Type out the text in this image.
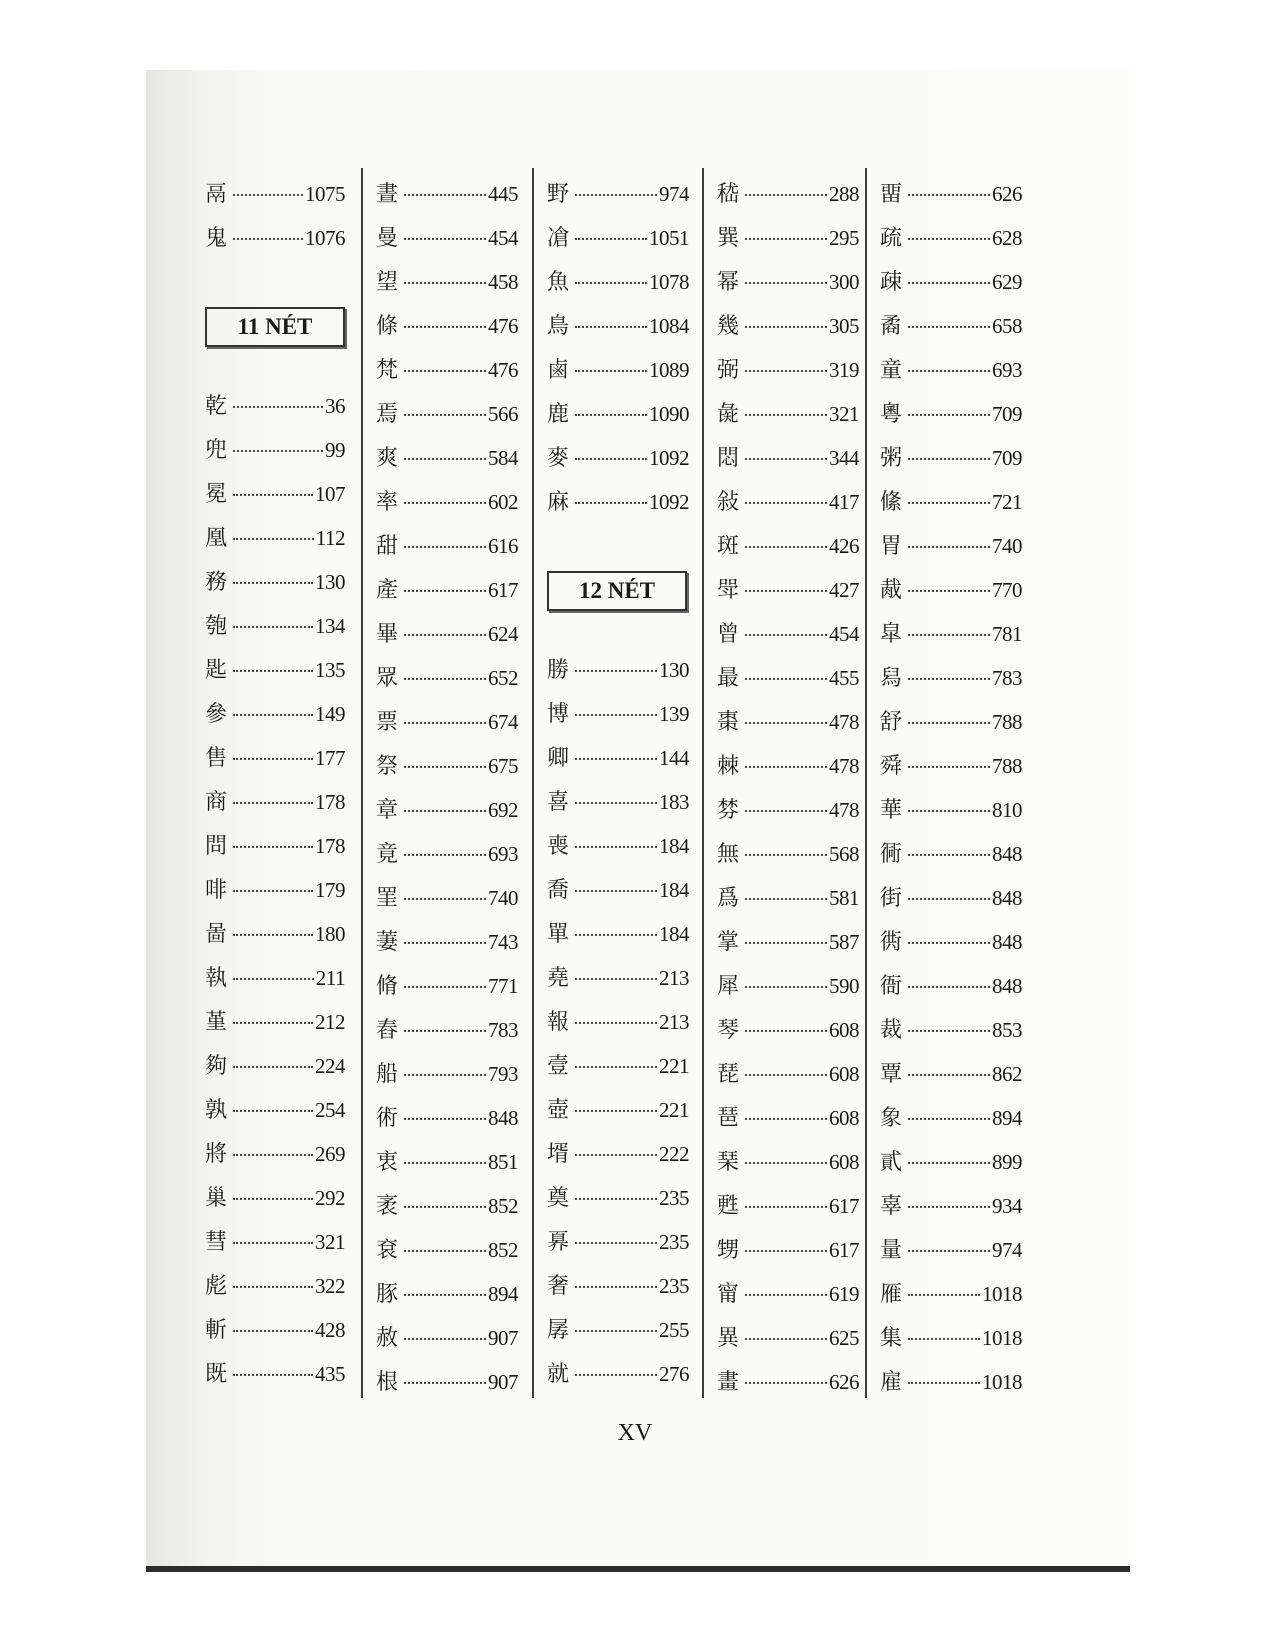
鬲	1075
鬼	1076
11 NÉT
乾	36
兜	99
冕	107
凰	112
務	130
匏	134
匙	135
參	149
售	177
商	178
問	178
啡	179
啚	180
執	211
堇	212
夠	224
孰	254
將	269
巢	292
彗	321
彪	322
斬	428
既	435
晝	445
曼	454
望	458
條	476
梵	476
焉	566
爽	584
率	602
甜	616
產	617
畢	624
眾	652
票	674
祭	675
章	692
竟	693
罣	740
萋	743
脩	771
舂	783
船	793
術	848
衷	851
袤	852
袞	852
豚	894
赦	907
根	907
野	974
凔	1051
魚	1078
鳥	1084
鹵	1089
鹿	1090
麥	1092
麻	1092
12 NÉT
勝	130
博	139
卿	144
喜	183
喪	184
喬	184
單	184
堯	213
報	213
壹	221
壺	221
壻	222
奠	235
奡	235
奢	235
孱	255
就	276
嵇	288
巽	295
幂	300
幾	305
弼	319
彘	321
悶	344
敍	417
斑	426
斝	427
曾	454
最	455
棗	478
棘	478
棼	478
無	568
爲	581
掌	587
犀	590
琴	608
琵	608
琶	608
琹	608
甦	617
甥	617
甯	619
異	625
畫	626
畱	626
疏	628
疎	629
矞	658
童	693
粵	709
粥	709
絛	721
胃	740
胾	770
皐	781
舄	783
舒	788
舜	788
華	810
衕	848
街	848
衖	848
衙	848
裁	853
覃	862
象	894
貳	899
辜	934
量	974
雁	1018
集	1018
雇	1018
XV
